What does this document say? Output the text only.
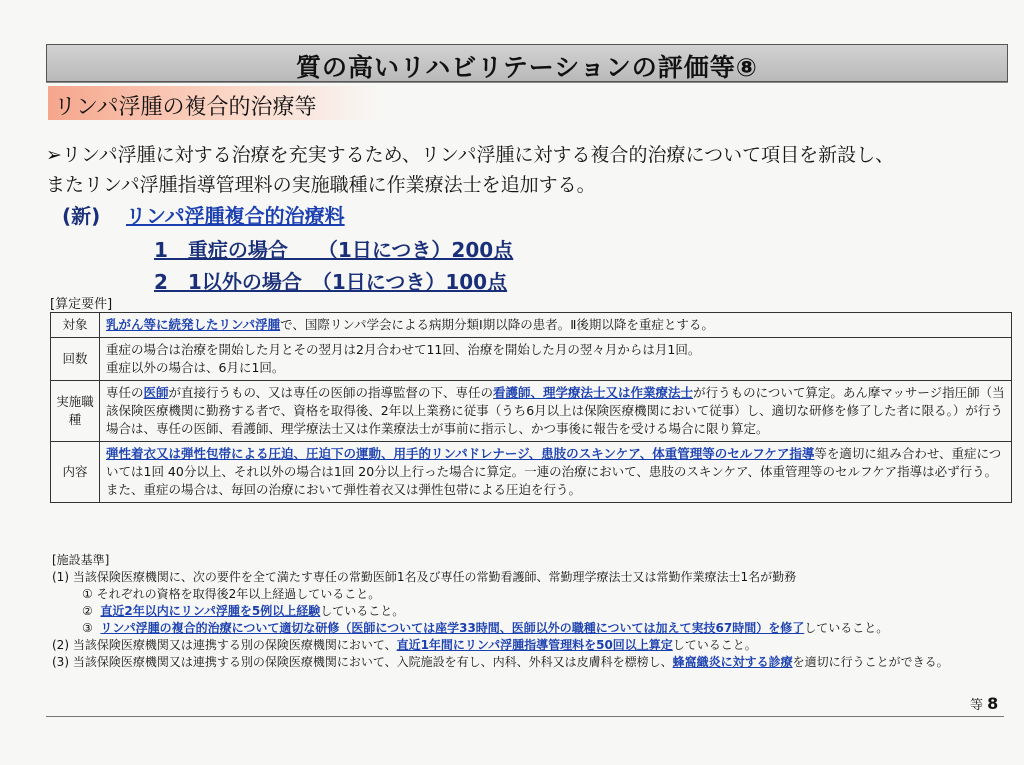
質の高いリハビリテーションの評価等⑧
リンパ浮腫の複合的治療等
➢リンパ浮腫に対する治療を充実するため、リンパ浮腫に対する複合的治療について項目を新設し、
またリンパ浮腫指導管理料の実施職種に作業療法士を追加する。
(新) リンパ浮腫複合的治療料
1　重症の場合　　（1日につき）200点
2　1以外の場合　（1日につき）100点
[算定要件]
対象	乳がん等に続発したリンパ浮腫で、国際リンパ学会による病期分類Ⅰ期以降の患者。Ⅱ後期以降を重症とする。
回数	重症の場合は治療を開始した月とその翌月は2月合わせて11回、治療を開始した月の翌々月からは月1回。
重症以外の場合は、6月に1回。

実施職種	専任の医師が直接行うもの、又は専任の医師の指導監督の下、専任の看護師、理学療法士又は作業療法士が行うものについて算定。あん摩マッサージ指圧師（当該保険医療機関に勤務する者で、資格を取得後、2年以上業務に従事（うち6月以上は保険医療機関において従事）し、適切な研修を修了した者に限る。）が行う場合は、専任の医師、看護師、理学療法士又は作業療法士が事前に指示し、かつ事後に報告を受ける場合に限り算定。
内容	弾性着衣又は弾性包帯による圧迫、圧迫下の運動、用手的リンパドレナージ、患肢のスキンケア、体重管理等のセルフケア指導等を適切に組み合わせ、重症については1回 40分以上、それ以外の場合は1回 20分以上行った場合に算定。一連の治療において、患肢のスキンケア、体重管理等のセルフケア指導は必ず行う。また、重症の場合は、毎回の治療において弾性着衣又は弾性包帯による圧迫を行う。
[施設基準]
(1) 当該保険医療機関に、次の要件を全て満たす専任の常勤医師1名及び専任の常勤看護師、常勤理学療法士又は常勤作業療法士1名が勤務
① それぞれの資格を取得後2年以上経過していること。
② 直近2年以内にリンパ浮腫を5例以上経験していること。
③ リンパ浮腫の複合的治療について適切な研修（医師については座学33時間、医師以外の職種については加えて実技67時間）を修了していること。
(2) 当該保険医療機関又は連携する別の保険医療機関において、直近1年間にリンパ浮腫指導管理料を50回以上算定していること。
(3) 当該保険医療機関又は連携する別の保険医療機関において、入院施設を有し、内科、外科又は皮膚科を標榜し、蜂窩織炎に対する診療を適切に行うことができる。
等 8
